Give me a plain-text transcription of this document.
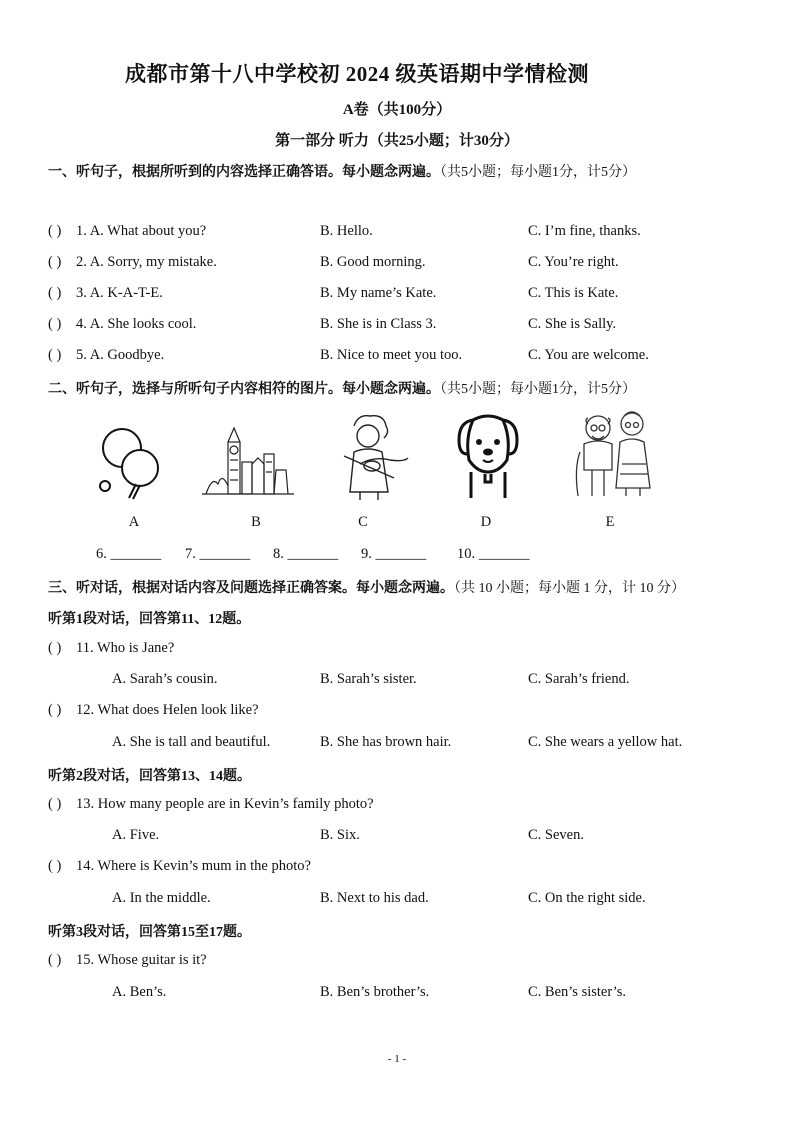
成都市第十八中学校初 2024 级英语期中学情检测
A卷（共100分）
第一部分 听力（共25小题；计30分）
一、听句子，根据所听到的内容选择正确答语。每小题念两遍。（共5小题；每小题1分，计5分）
( ) 1. A. What about you?	B. Hello.	C. I’m fine, thanks.
( ) 2. A. Sorry, my mistake.	B. Good morning.	C. You’re right.
( ) 3. A. K-A-T-E.	B. My name’s Kate.	C. This is Kate.
( ) 4. A. She looks cool.	B. She is in Class 3.	C. She is Sally.
( ) 5. A. Goodbye.	B. Nice to meet you too.	C. You are welcome.
二、听句子，选择与所听句子内容相符的图片。每小题念两遍。（共5小题；每小题1分，计5分）
A	B	C	D	E
6. _______ 7. _______ 8. _______ 9. _______ 10. _______
三、听对话，根据对话内容及问题选择正确答案。每小题念两遍。（共 10 小题；每小题 1 分，计 10 分）
听第1段对话，回答第11、12题。
( ) 11. Who is Jane?
A. Sarah’s cousin.	B. Sarah’s sister.	C. Sarah’s friend.
( ) 12. What does Helen look like?
A. She is tall and beautiful.	B. She has brown hair.	C. She wears a yellow hat.
听第2段对话，回答第13、14题。
( ) 13. How many people are in Kevin’s family photo?
A. Five.	B. Six.	C. Seven.
( ) 14. Where is Kevin’s mum in the photo?
A. In the middle.	B. Next to his dad.	C. On the right side.
听第3段对话，回答第15至17题。
( ) 15. Whose guitar is it?
A. Ben’s.	B. Ben’s brother’s.	C. Ben’s sister’s.
- 1 -
